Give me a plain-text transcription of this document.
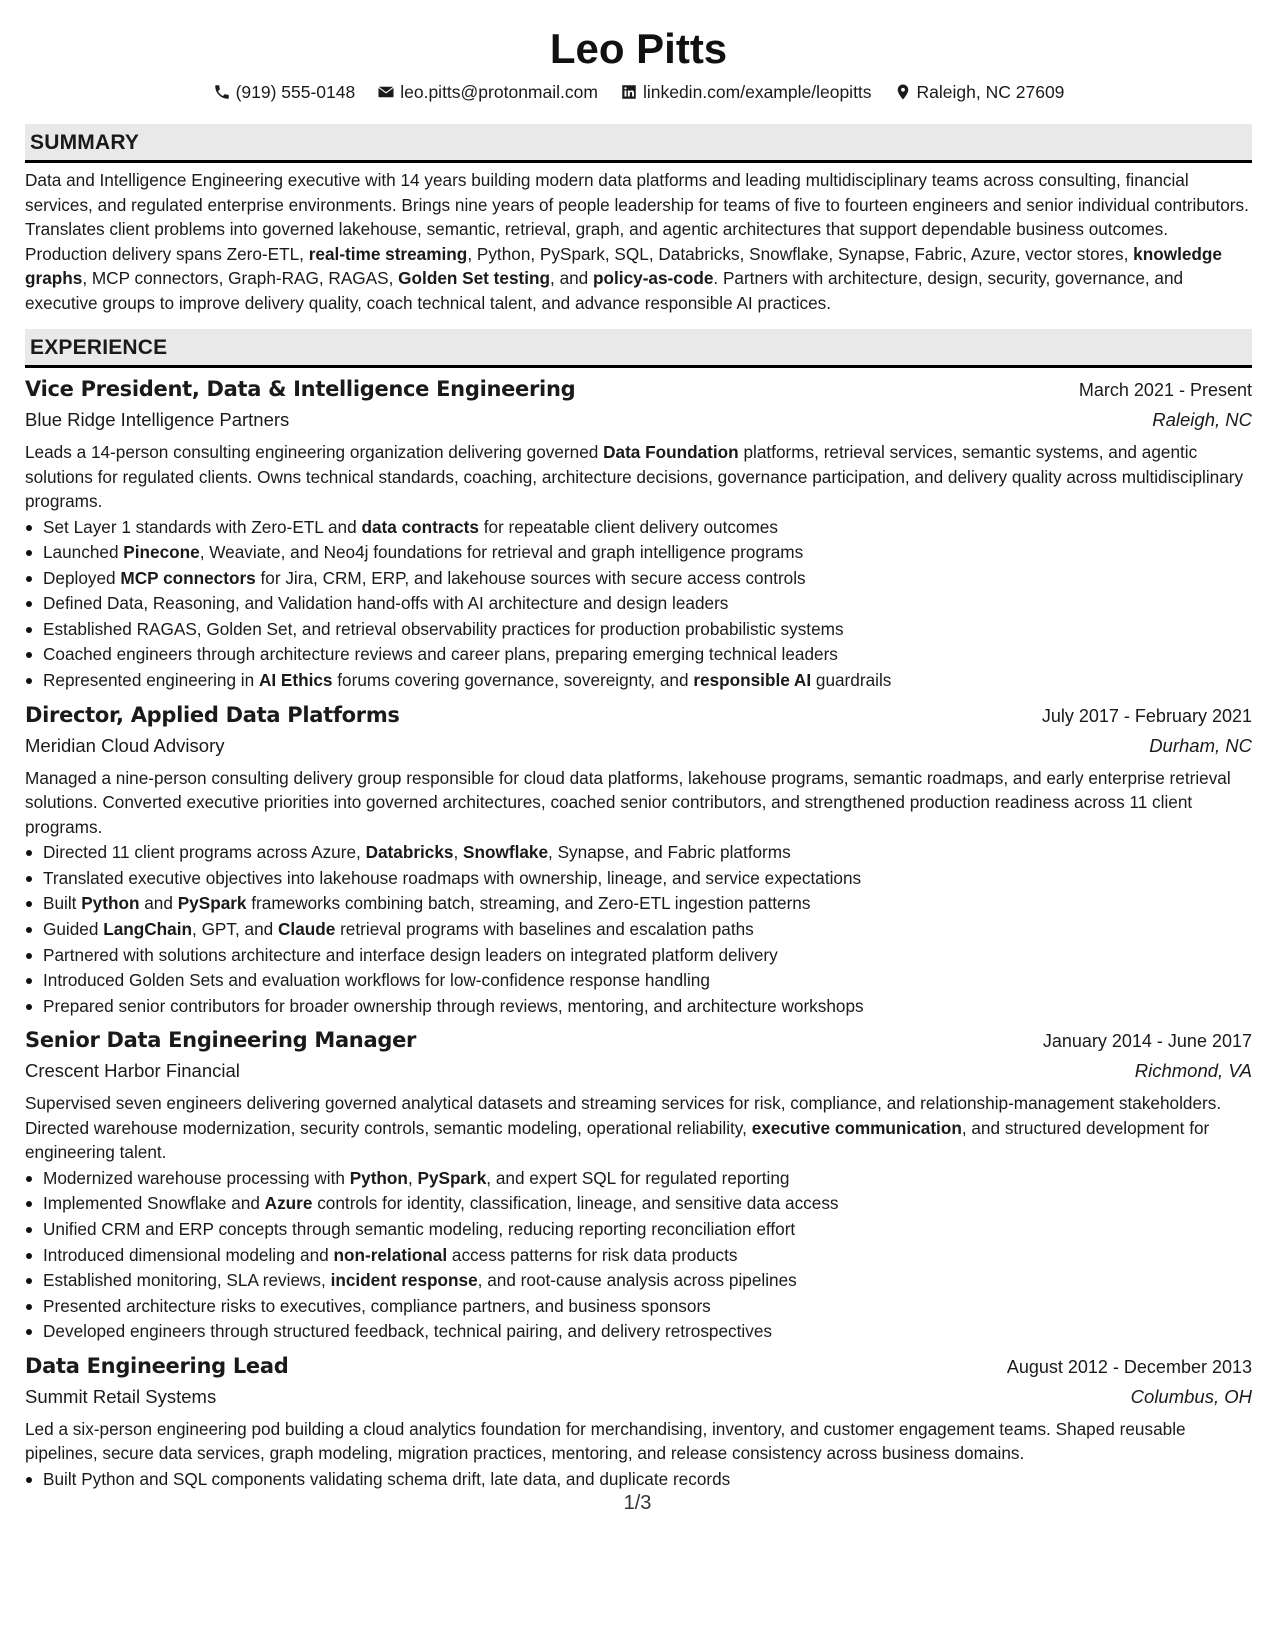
Leo Pitts
(919) 555-0148	leo.pitts@protonmail.com	linkedin.com/example/leopitts	Raleigh, NC 27609
SUMMARY

Data and Intelligence Engineering executive with 14 years building modern data platforms and leading multidisciplinary teams across consulting, financial services, and regulated enterprise environments. Brings nine years of people leadership for teams of five to fourteen engineers and senior individual contributors. Translates client problems into governed lakehouse, semantic, retrieval, graph, and agentic architectures that support dependable business outcomes. Production delivery spans Zero-ETL, real-time streaming, Python, PySpark, SQL, Databricks, Snowflake, Synapse, Fabric, Azure, vector stores, knowledge graphs, MCP connectors, Graph-RAG, RAGAS, Golden Set testing, and policy-as-code. Partners with architecture, design, security, governance, and executive groups to improve delivery quality, coach technical talent, and advance responsible AI practices.

EXPERIENCE
Vice President, Data & Intelligence Engineering	March 2021 - Present
Blue Ridge Intelligence Partners	Raleigh, NC

Leads a 14-person consulting engineering organization delivering governed Data Foundation platforms, retrieval services, semantic systems, and agentic solutions for regulated clients. Owns technical standards, coaching, architecture decisions, governance participation, and delivery quality across multidisciplinary programs.

Set Layer 1 standards with Zero-ETL and data contracts for repeatable client delivery outcomes
Launched Pinecone, Weaviate, and Neo4j foundations for retrieval and graph intelligence programs
Deployed MCP connectors for Jira, CRM, ERP, and lakehouse sources with secure access controls
Defined Data, Reasoning, and Validation hand-offs with AI architecture and design leaders
Established RAGAS, Golden Set, and retrieval observability practices for production probabilistic systems
Coached engineers through architecture reviews and career plans, preparing emerging technical leaders
Represented engineering in AI Ethics forums covering governance, sovereignty, and responsible AI guardrails
Director, Applied Data Platforms	July 2017 - February 2021
Meridian Cloud Advisory	Durham, NC

Managed a nine-person consulting delivery group responsible for cloud data platforms, lakehouse programs, semantic roadmaps, and early enterprise retrieval solutions. Converted executive priorities into governed architectures, coached senior contributors, and strengthened production readiness across 11 client programs.

Directed 11 client programs across Azure, Databricks, Snowflake, Synapse, and Fabric platforms
Translated executive objectives into lakehouse roadmaps with ownership, lineage, and service expectations
Built Python and PySpark frameworks combining batch, streaming, and Zero-ETL ingestion patterns
Guided LangChain, GPT, and Claude retrieval programs with baselines and escalation paths
Partnered with solutions architecture and interface design leaders on integrated platform delivery
Introduced Golden Sets and evaluation workflows for low-confidence response handling
Prepared senior contributors for broader ownership through reviews, mentoring, and architecture workshops
Senior Data Engineering Manager	January 2014 - June 2017
Crescent Harbor Financial	Richmond, VA

Supervised seven engineers delivering governed analytical datasets and streaming services for risk, compliance, and relationship-management stakeholders. Directed warehouse modernization, security controls, semantic modeling, operational reliability, executive communication, and structured development for engineering talent.

Modernized warehouse processing with Python, PySpark, and expert SQL for regulated reporting
Implemented Snowflake and Azure controls for identity, classification, lineage, and sensitive data access
Unified CRM and ERP concepts through semantic modeling, reducing reporting reconciliation effort
Introduced dimensional modeling and non-relational access patterns for risk data products
Established monitoring, SLA reviews, incident response, and root-cause analysis across pipelines
Presented architecture risks to executives, compliance partners, and business sponsors
Developed engineers through structured feedback, technical pairing, and delivery retrospectives
Data Engineering Lead	August 2012 - December 2013
Summit Retail Systems	Columbus, OH

Led a six-person engineering pod building a cloud analytics foundation for merchandising, inventory, and customer engagement teams. Shaped reusable pipelines, secure data services, graph modeling, migration practices, mentoring, and release consistency across business domains.

Built Python and SQL components validating schema drift, late data, and duplicate records
1/3
